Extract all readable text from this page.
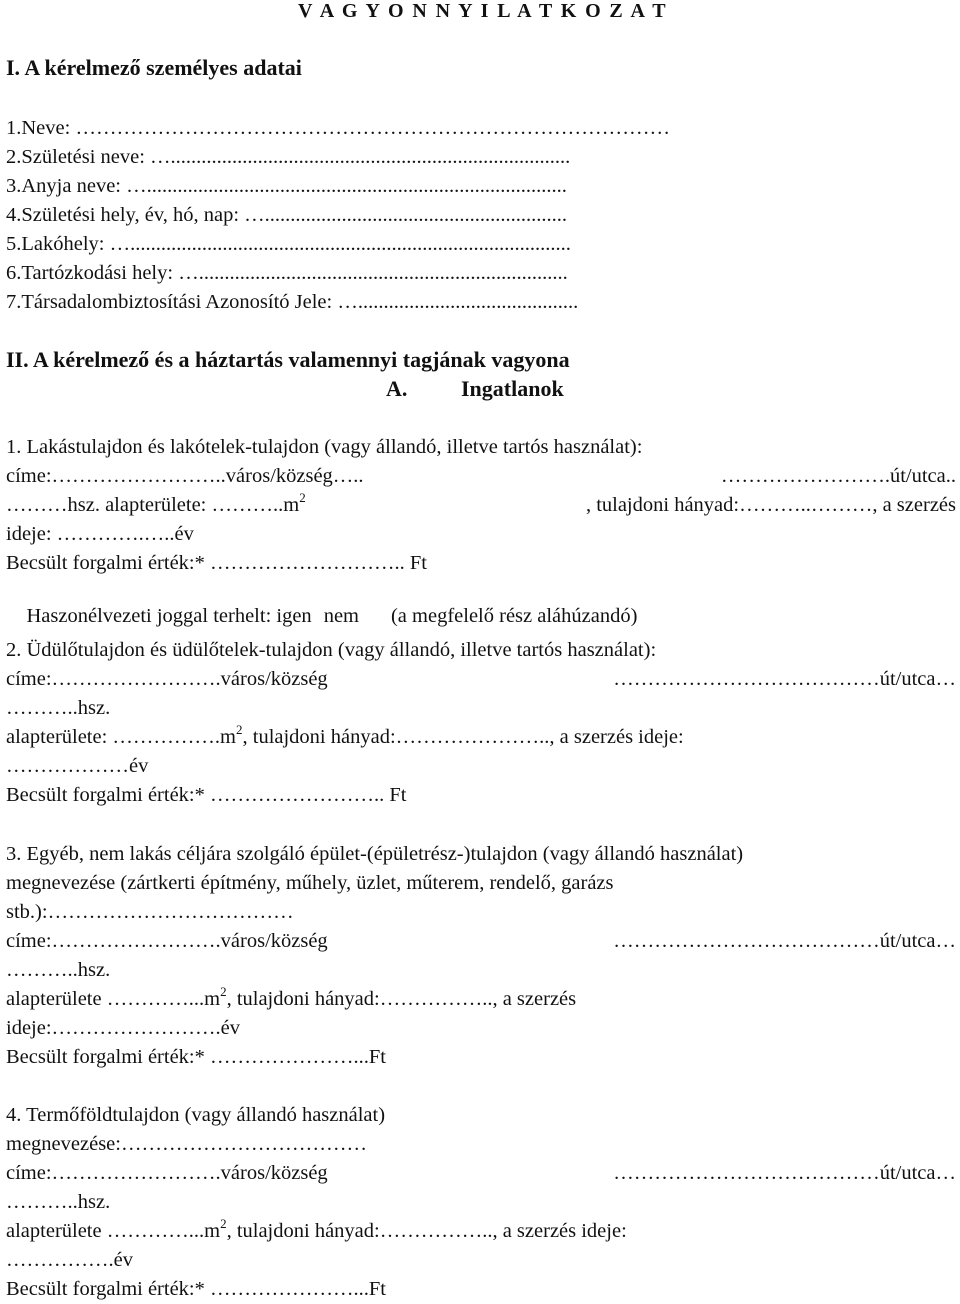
V A G Y O N N Y I L A T K O Z A T
I. A kérelmező személyes adatai
1.Neve: ……………………………………………………………………………
2.Születési neve: …..............................................................................
3.Anyja neve: …..................................................................................
4.Születési hely, év, hó, nap: …...........................................................
5.Lakóhely: …......................................................................................
6.Tartózkodási hely: …........................................................................
7.Társadalombiztosítási Azonosító Jele: …...........................................
II. A kérelmező és a háztartás valamennyi tagjának vagyona
A.	Ingatlanok
1. Lakástulajdon és lakótelek-tulajdon (vagy állandó, illetve tartós használat):
címe:……………………..város/község…..	…………………….út/utca..
………hsz. alapterülete: $\dots\dots\dots..m^2$	, tulajdoni hányad:………..………, a szerzés
ideje: ………….…..év
Becsült forgalmi érték:* ……………………….. Ft

Haszonélvezeti joggal terhelt: igen nem (a megfelelő rész aláhúzandó)

2. Üdülőtulajdon és üdülőtelek-tulajdon (vagy állandó, illetve tartós használat):
címe:…………………….város/község	…………………………………út/utca…
………..hsz.
alapterülete: $\dots\dots\dots\dots\dots.m^2$, tulajdoni hányad:………………….., a szerzés ideje:
………………év
Becsült forgalmi érték:* …………………….. Ft
3. Egyéb, nem lakás céljára szolgáló épület-(épületrész-)tulajdon (vagy állandó használat)
megnevezése (zártkerti építmény, műhely, üzlet, műterem, rendelő, garázs
stb.):………………………………
címe:…………………….város/község	…………………………………út/utca…
………..hsz.
alapterülete $\dots\dots\dots\dots...m^2$, tulajdoni hányad:…………….., a szerzés
ideje:…………………….év
Becsült forgalmi érték:* …………………...Ft
4. Termőföldtulajdon (vagy állandó használat)
megnevezése:………………………………
címe:…………………….város/község	…………………………………út/utca…
………..hsz.
alapterülete $\dots\dots\dots\dots...m^2$, tulajdoni hányad:…………….., a szerzés ideje:
…………….év
Becsült forgalmi érték:* …………………...Ft
